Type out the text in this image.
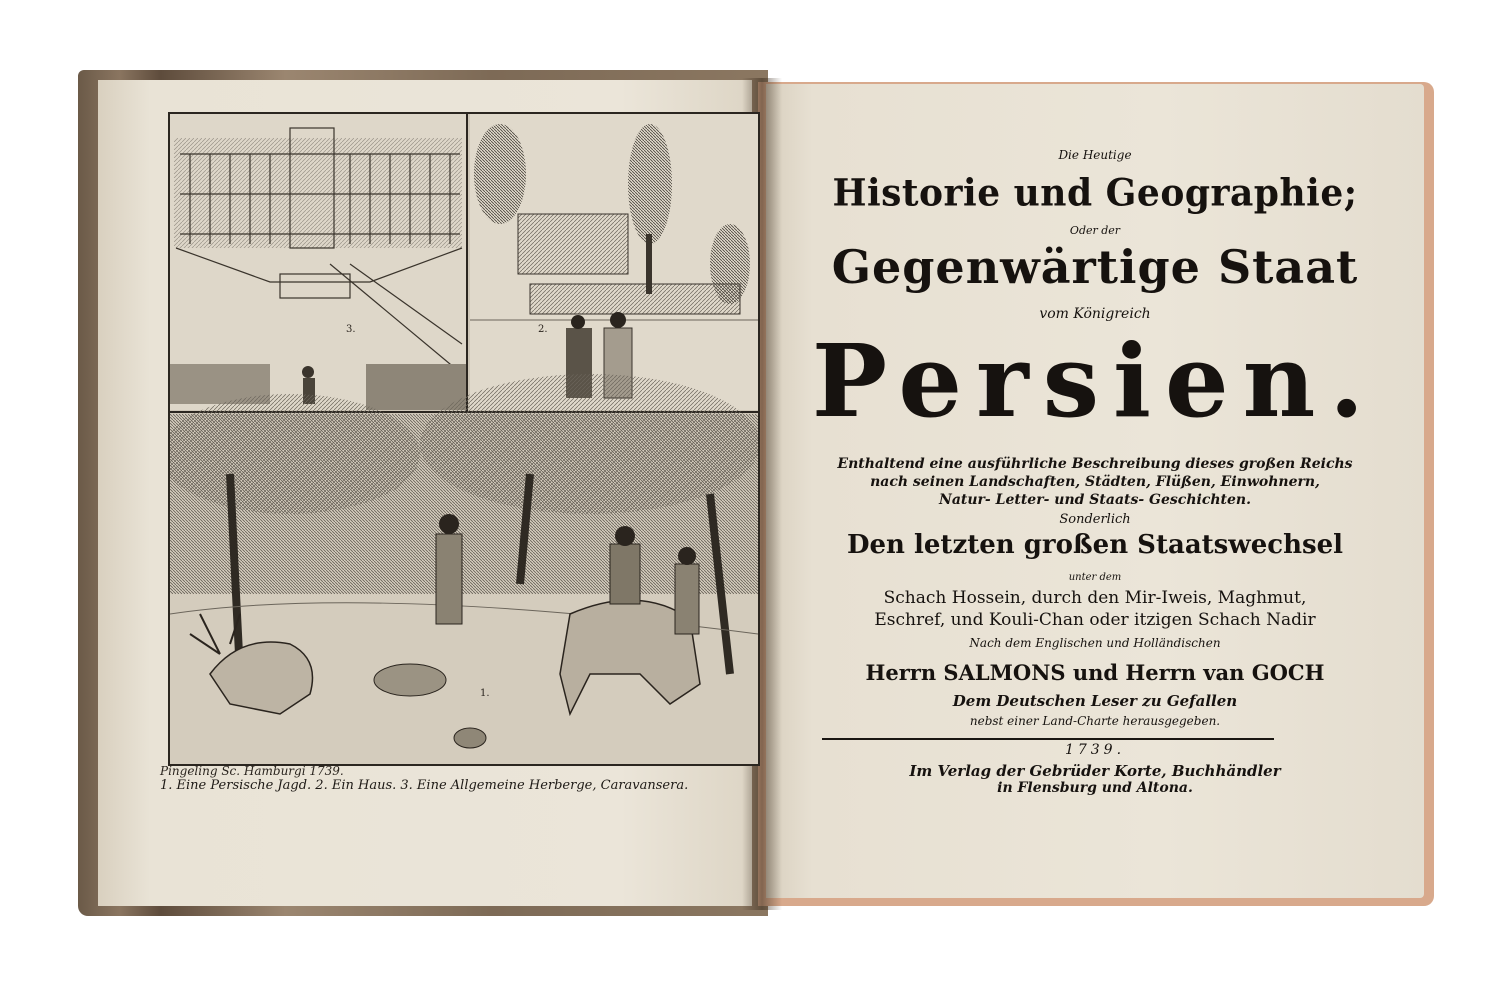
3.	2.
1.
Pingeling Sc. Hamburgi 1739.
1. Eine Persische Jagd. 2. Ein Haus. 3. Eine Allgemeine Herberge, Caravansera.
Die Heutige
Historie und Geographie;
Oder der
Gegenwärtige Staat
vom Königreich
Persien.
Enthaltend eine ausführliche Beschreibung dieses großen Reichs
nach seinen Landschaften, Städten, Flüßen, Einwohnern,
Natur- Letter- und Staats- Geschichten.
Sonderlich
Den letzten großen Staatswechsel
unter dem
Schach Hossein, durch den Mir-Iweis, Maghmut,
Eschref, und Kouli-Chan oder itzigen Schach Nadir
Nach dem Englischen und Holländischen
Herrn SALMONS und Herrn van GOCH
Dem Deutschen Leser zu Gefallen
nebst einer Land-Charte herausgegeben.
1739.
Im Verlag der Gebrüder Korte, Buchhändler
in Flensburg und Altona.
